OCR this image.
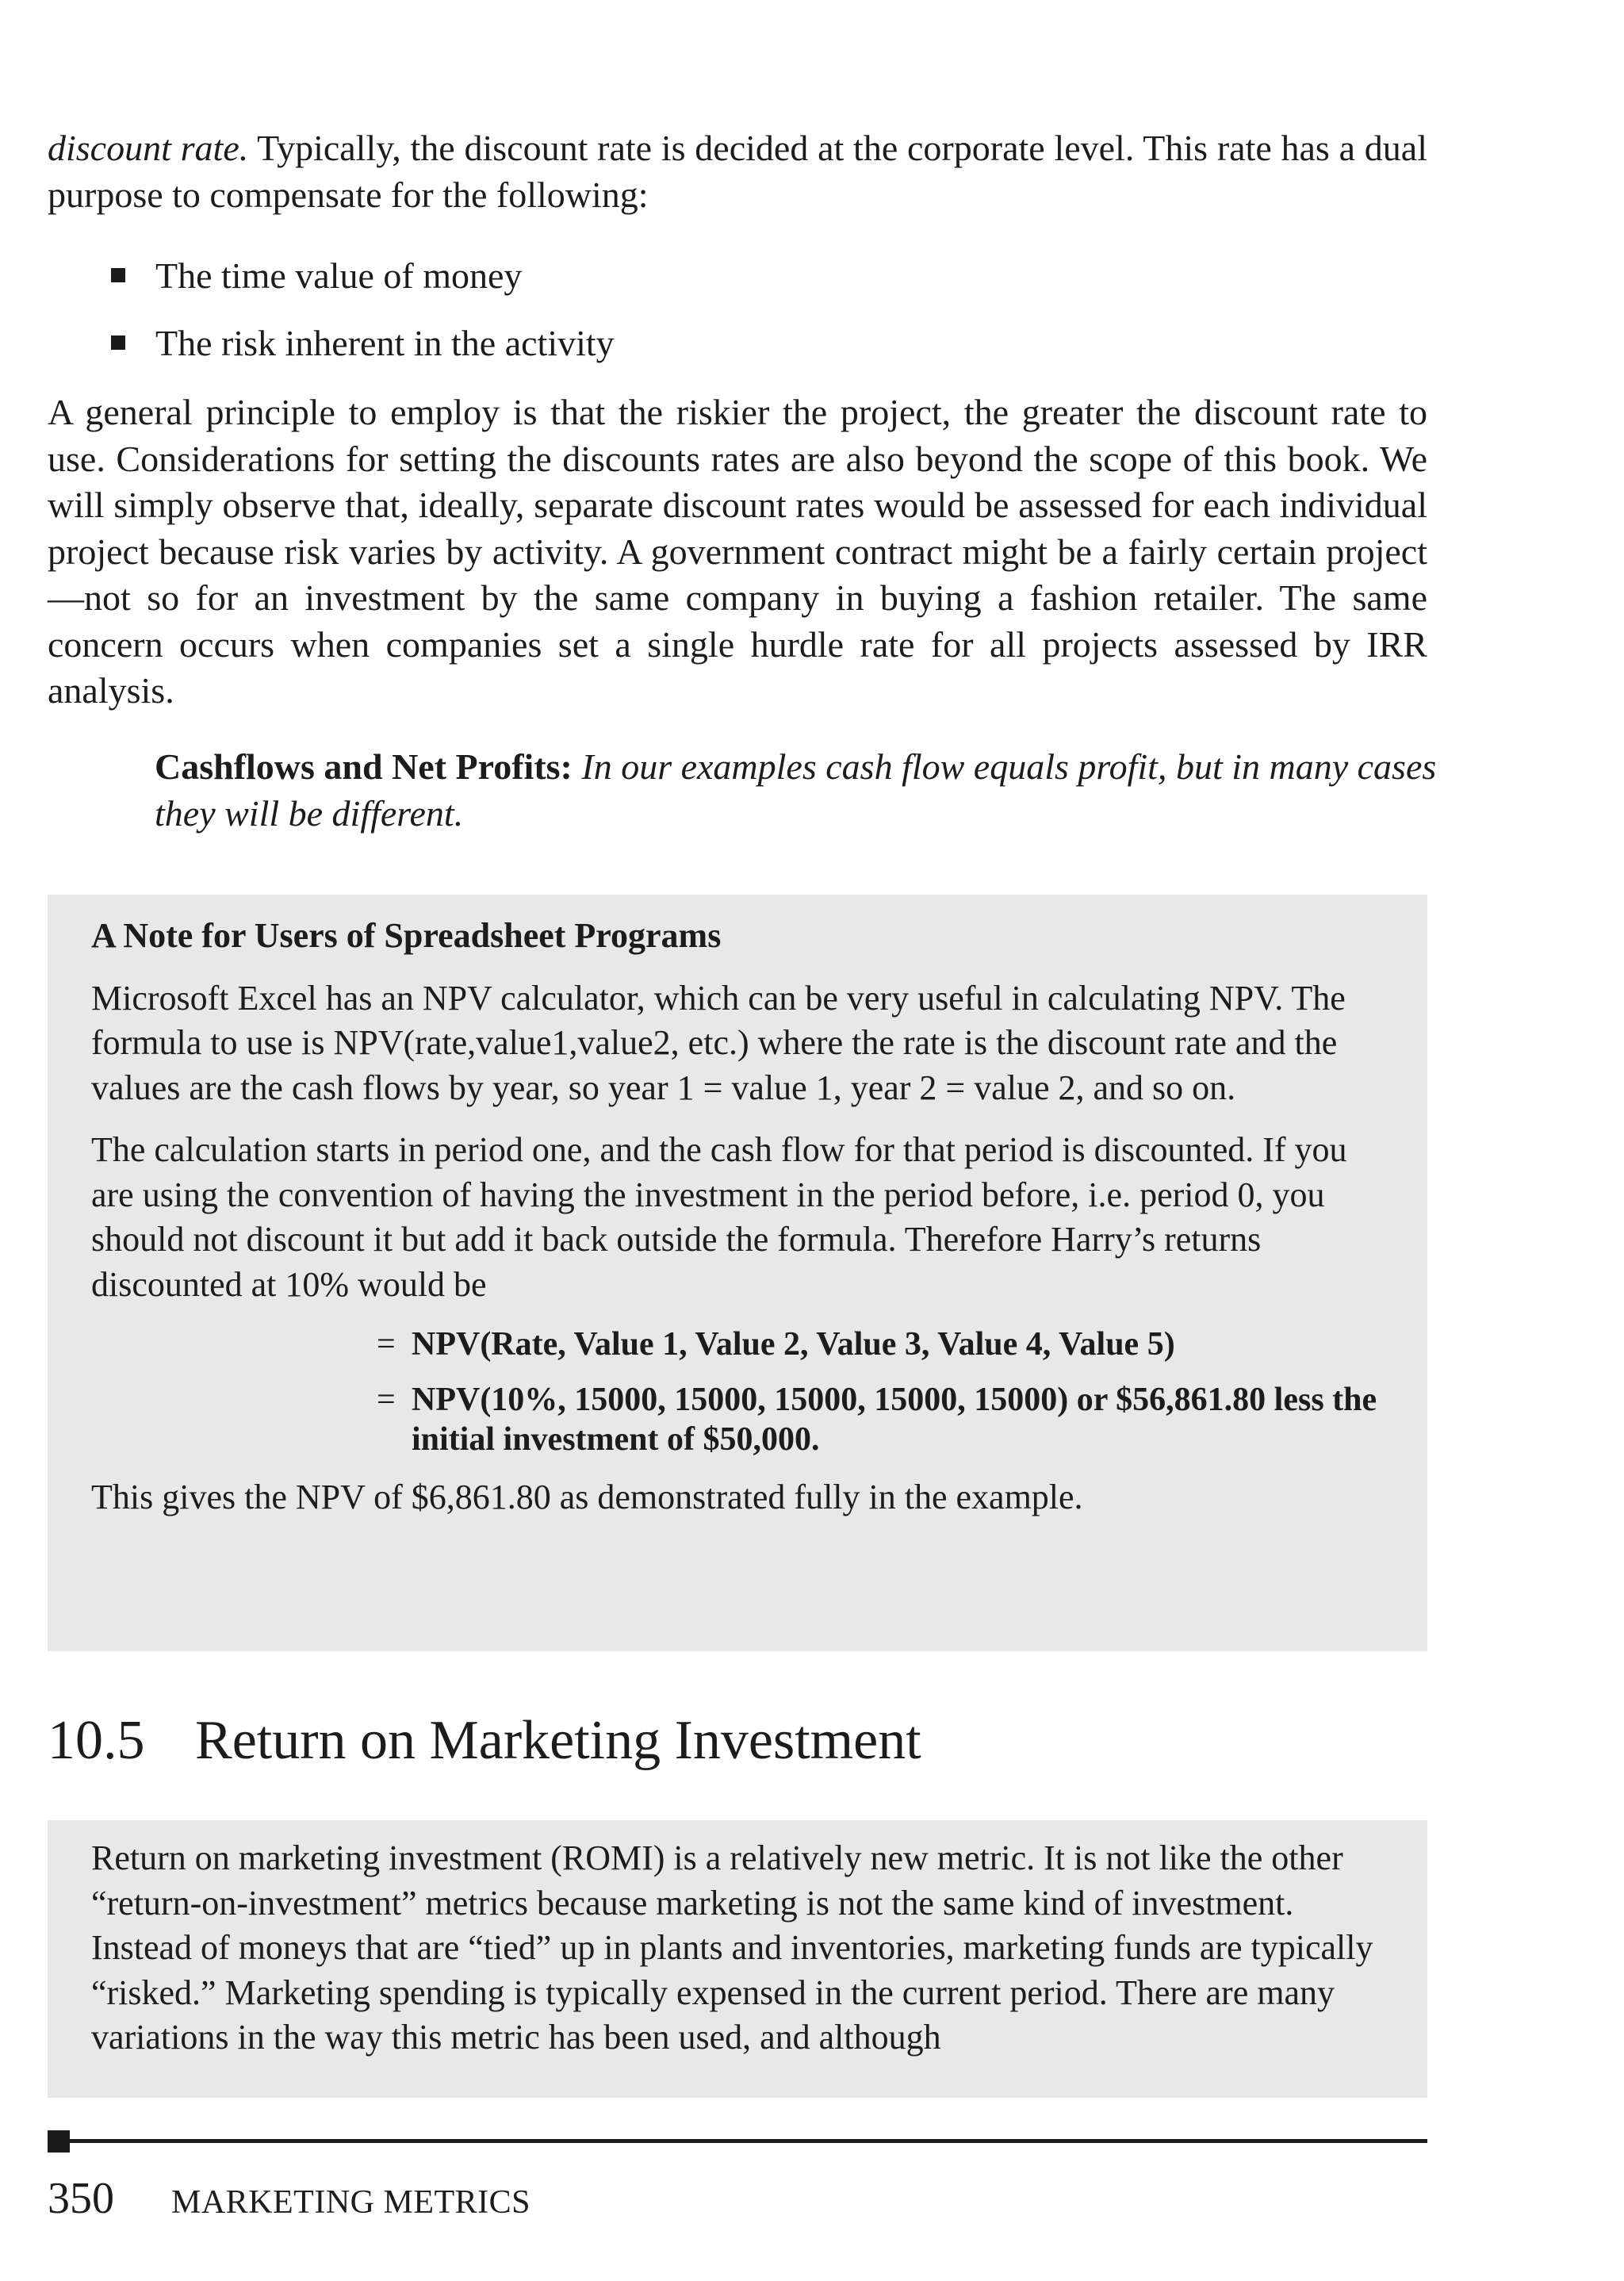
discount rate. Typically, the discount rate is decided at the corporate level. This rate has a dual purpose to compensate for the following:

The time value of money
The risk inherent in the activity

A general principle to employ is that the riskier the project, the greater the discount rate to use. Considerations for setting the discounts rates are also beyond the scope of this book. We will simply observe that, ideally, separate discount rates would be assessed for each individual project because risk varies by activity. A government contract might be a fairly certain project—not so for an investment by the same company in buying a fashion retailer. The same concern occurs when companies set a single hurdle rate for all projects assessed by IRR analysis.

Cashflows and Net Profits: In our examples cash flow equals profit, but in many cases they will be different.

A Note for Users of Spreadsheet Programs

Microsoft Excel has an NPV calculator, which can be very useful in calculating NPV. The formula to use is NPV(rate,value1,value2, etc.) where the rate is the discount rate and the values are the cash flows by year, so year 1 = value 1, year 2 = value 2, and so on.

The calculation starts in period one, and the cash flow for that period is discounted. If you are using the convention of having the investment in the period before, i.e. period 0, you should not discount it but add it back outside the formula. Therefore Harry’s returns discounted at 10% would be

= NPV(Rate, Value 1, Value 2, Value 3, Value 4, Value 5)
= NPV(10%, 15000, 15000, 15000, 15000, 15000) or $56,861.80 less the initial investment of $50,000.

This gives the NPV of $6,861.80 as demonstrated fully in the example.

10.5 Return on Marketing Investment

Return on marketing investment (ROMI) is a relatively new metric. It is not like the other “return-on-investment” metrics because marketing is not the same kind of investment. Instead of moneys that are “tied” up in plants and inventories, marketing funds are typically “risked.” Marketing spending is typically expensed in the current period. There are many variations in the way this metric has been used, and although

350 MARKETING METRICS
